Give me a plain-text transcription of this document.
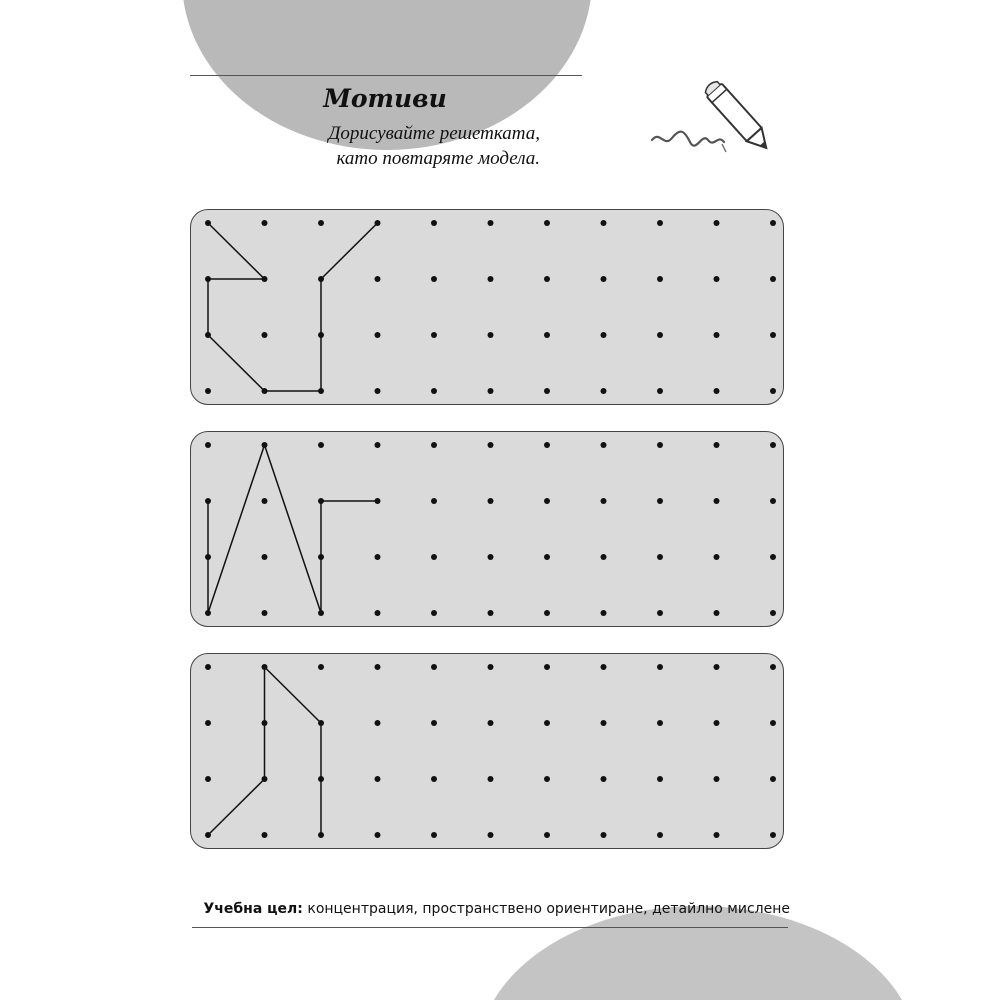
Мотиви
Дорисувайте решетката,
като повтаряте модела.
Учебна цел: концентрация, пространствено ориентиране, детайлно мислене
